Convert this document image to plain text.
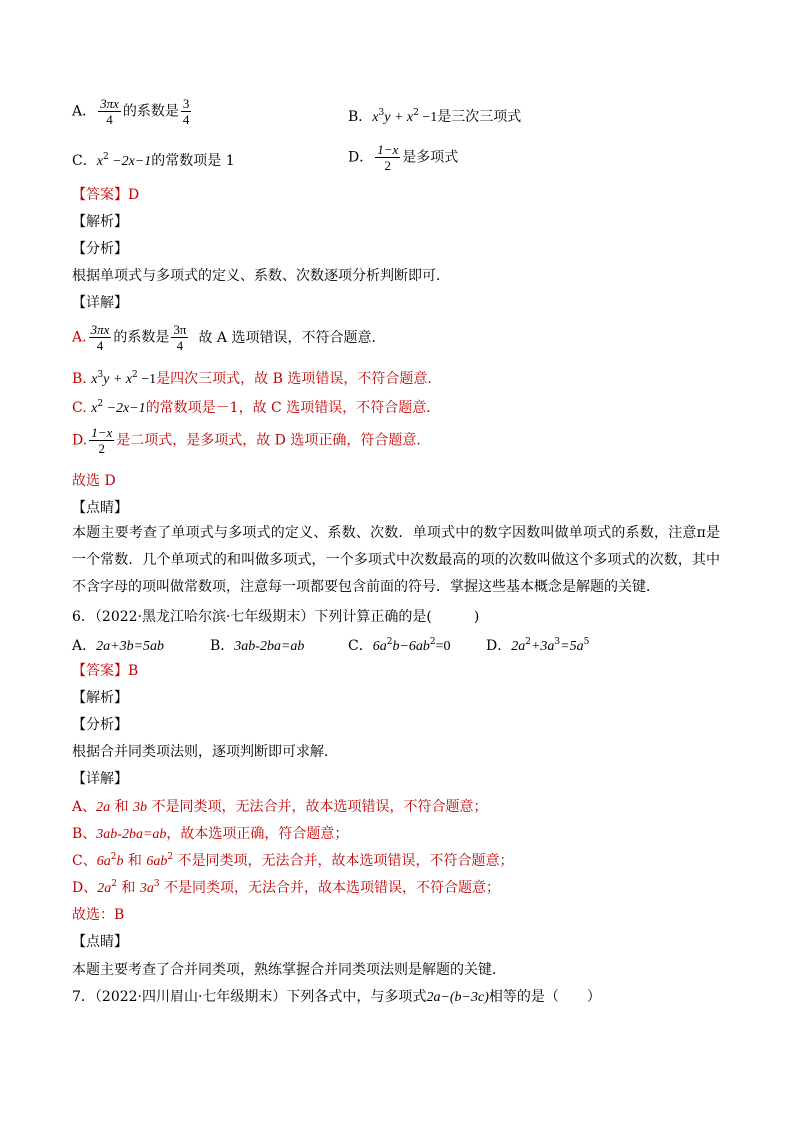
A． $\frac{3\pi x}{4}$ 的系数是 $\frac{3}{4}$	B．$x^3y + x^2 -1$是三次三项式
C．$x^2 -2x-1$的常数项是 1	D． $\frac{1-x}{2}$ 是多项式
【答案】D
【解析】
【分析】
根据单项式与多项式的定义、系数、次数逐项分析判断即可．
【详解】
A. $\frac{3\pi x}{4}$ 的系数是 $\frac{3\pi}{4}$ 故 A 选项错误，不符合题意．
B. $x^3y + x^2 -1$是四次三项式，故 B 选项错误，不符合题意．
C. $x^2 -2x-1$的常数项是－1，故 C 选项错误，不符合题意．
D. $\frac{1-x}{2}$ 是二项式，是多项式，故 D 选项正确，符合题意．
故选 D
【点睛】
本题主要考查了单项式与多项式的定义、系数、次数．单项式中的数字因数叫做单项式的系数，注意π是一个常数．几个单项式的和叫做多项式，一个多项式中次数最高的项的次数叫做这个多项式的次数，其中不含字母的项叫做常数项，注意每一项都要包含前面的符号．掌握这些基本概念是解题的关键．
6．（2022·黑龙江哈尔滨·七年级期末）下列计算正确的是(　　　)
A．2a+3b=5ab	B．3ab-2ba=ab	C．$6a^2b-6ab^2=0$	D．$2a^2+3a^3=5a^5$
【答案】B
【解析】
【分析】
根据合并同类项法则，逐项判断即可求解．
【详解】
A、2a 和 3b 不是同类项，无法合并，故本选项错误，不符合题意；
B、3ab-2ba=ab，故本选项正确，符合题意；
C、$6a^2b$ 和 $6ab^2$ 不是同类项，无法合并，故本选项错误，不符合题意；
D、$2a^2$ 和 $3a^3$ 不是同类项，无法合并，故本选项错误，不符合题意；
故选：B
【点睛】
本题主要考查了合并同类项，熟练掌握合并同类项法则是解题的关键．
7．（2022·四川眉山·七年级期末）下列各式中，与多项式2a−(b−3c)相等的是（　　）
